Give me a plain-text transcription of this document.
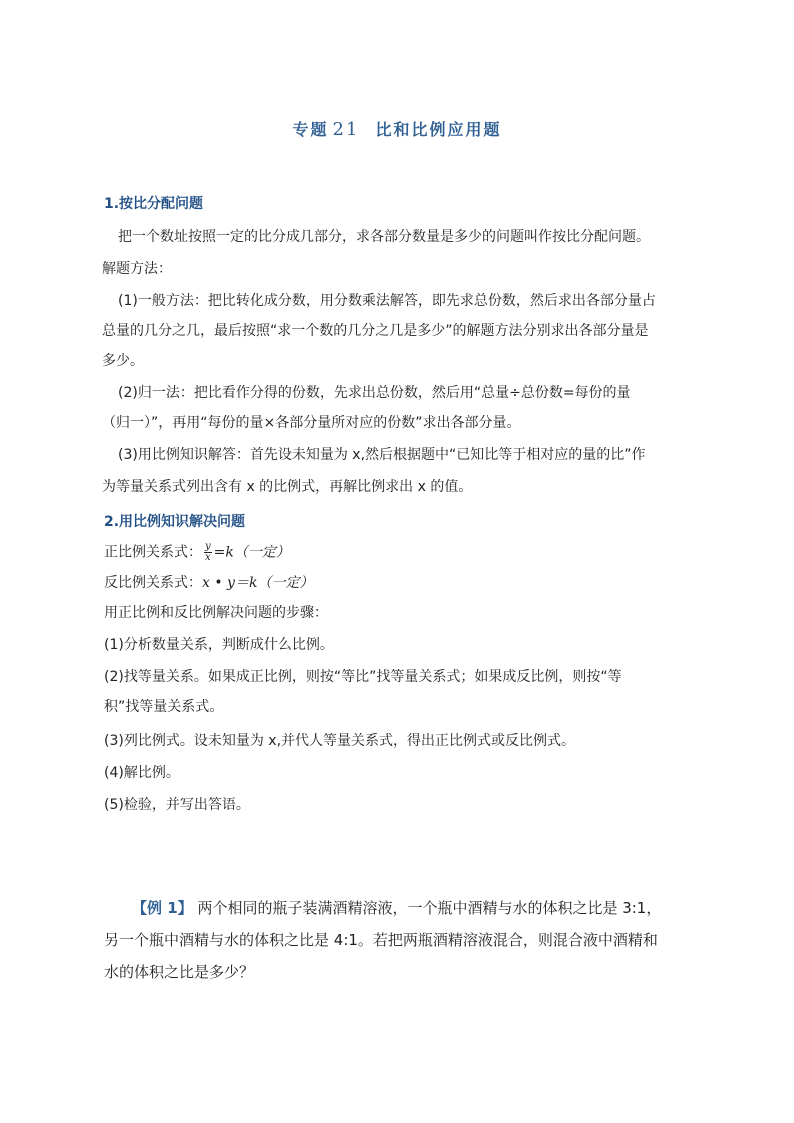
专题 21 比和比例应用题
1.按比分配问题
把一个数址按照一定的比分成几部分，求各部分数量是多少的问题叫作按比分配问题。
解题方法：
(1)一般方法：把比转化成分数，用分数乘法解答，即先求总份数，然后求出各部分量占
总量的几分之几，最后按照“求一个数的几分之几是多少”的解题方法分别求出各部分量是
多少。
(2)归一法：把比看作分得的份数，先求出总份数，然后用“总量÷总份数=每份的量
（归一）”，再用“每份的量×各部分量所对应的份数”求出各部分量。
(3)用比例知识解答：首先设未知量为 x,然后根据题中“已知比等于相对应的量的比”作
为等量关系式列出含有 x 的比例式，再解比例求出 x 的值。
2.用比例知识解决问题
正比例关系式： $\frac{y}{x} =k$（一定）
反比例关系式：x • y＝k（一定）
用正比例和反比例解决问题的步骤：
(1)分析数量关系，判断成什么比例。
(2)找等量关系。如果成正比例，则按“等比”找等量关系式；如果成反比例，则按“等
积”找等量关系式。
(3)列比例式。设未知量为 x,并代人等量关系式，得出正比例式或反比例式。
(4)解比例。
(5)检验，并写出答语。
【例 1】 两个相同的瓶子装满酒精溶液，一个瓶中酒精与水的体积之比是 3:1，
另一个瓶中酒精与水的体积之比是 4:1。若把两瓶酒精溶液混合，则混合液中酒精和
水的体积之比是多少？
